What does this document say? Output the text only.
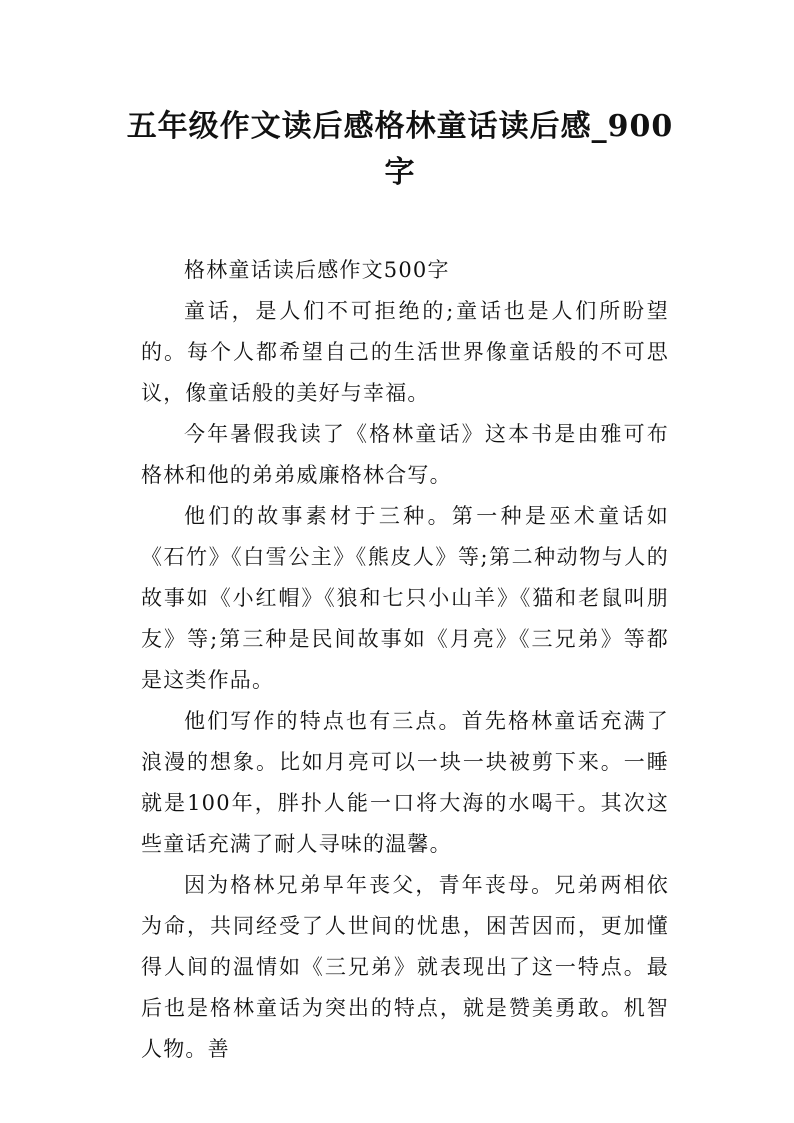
五年级作文读后感格林童话读后感_900字

格林童话读后感作文500字

童话，是人们不可拒绝的;童话也是人们所盼望的。每个人都希望自己的生活世界像童话般的不可思议，像童话般的美好与幸福。

今年暑假我读了《格林童话》这本书是由雅可布格林和他的弟弟威廉格林合写。

他们的故事素材于三种。第一种是巫术童话如《石竹》《白雪公主》《熊皮人》等;第二种动物与人的故事如《小红帽》《狼和七只小山羊》《猫和老鼠叫朋友》等;第三种是民间故事如《月亮》《三兄弟》等都是这类作品。

他们写作的特点也有三点。首先格林童话充满了浪漫的想象。比如月亮可以一块一块被剪下来。一睡就是100年，胖扑人能一口将大海的水喝干。其次这些童话充满了耐人寻味的温馨。

因为格林兄弟早年丧父，青年丧母。兄弟两相依为命，共同经受了人世间的忧患，困苦因而，更加懂得人间的温情如《三兄弟》就表现出了这一特点。最后也是格林童话为突出的特点，就是赞美勇敢。机智人物。善
